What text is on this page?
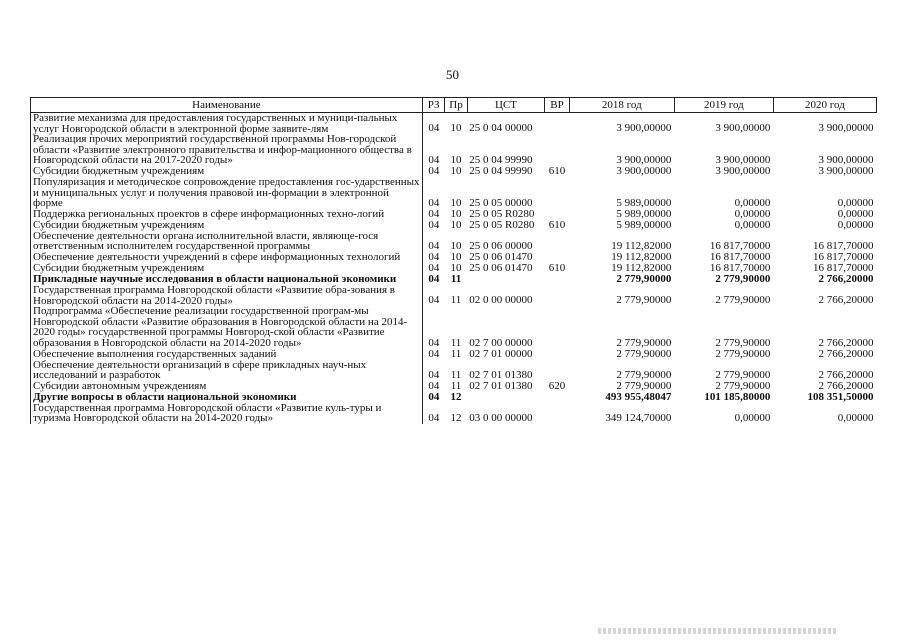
50
Наименование	РЗ	Пр	ЦСТ	ВР	2018 год	2019 год	2020 год
Развитие механизма для предоставления государственных и муници-пальных услуг Новгородской области в электронной форме заявите-лям	04	10	25 0 04 00000		3 900,00000	3 900,00000	3 900,00000
Реализация прочих мероприятий государственной программы Нов-городской области «Развитие электронного правительства и инфор-мационного общества в Новгородской области на 2017-2020 годы»	04	10	25 0 04 99990		3 900,00000	3 900,00000	3 900,00000
Субсидии бюджетным учреждениям	04	10	25 0 04 99990	610	3 900,00000	3 900,00000	3 900,00000
Популяризация и методическое сопровождение предоставления гос-ударственных и муниципальных услуг и получения правовой ин-формации в электронной форме	04	10	25 0 05 00000		5 989,00000	0,00000	0,00000
Поддержка региональных проектов в сфере информационных техно-логий	04	10	25 0 05 R0280		5 989,00000	0,00000	0,00000
Субсидии бюджетным учреждениям	04	10	25 0 05 R0280	610	5 989,00000	0,00000	0,00000
Обеспечение деятельности органа исполнительной власти, являюще-гося ответственным исполнителем государственной программы	04	10	25 0 06 00000		19 112,82000	16 817,70000	16 817,70000
Обеспечение деятельности учреждений в сфере информационных технологий	04	10	25 0 06 01470		19 112,82000	16 817,70000	16 817,70000
Субсидии бюджетным учреждениям	04	10	25 0 06 01470	610	19 112,82000	16 817,70000	16 817,70000
Прикладные научные исследования в области национальной экономики	04	11			2 779,90000	2 779,90000	2 766,20000
Государственная программа Новгородской области «Развитие обра-зования в Новгородской области на 2014-2020 годы»	04	11	02 0 00 00000		2 779,90000	2 779,90000	2 766,20000
Подпрограмма «Обеспечение реализации государственной програм-мы Новгородской области «Развитие образования в Новгородской области на 2014-2020 годы» государственной программы Новгород-ской области «Развитие образования в Новгородской области на 2014-2020 годы»	04	11	02 7 00 00000		2 779,90000	2 779,90000	2 766,20000
Обеспечение выполнения государственных заданий	04	11	02 7 01 00000		2 779,90000	2 779,90000	2 766,20000
Обеспечение деятельности организаций в сфере прикладных науч-ных исследований и разработок	04	11	02 7 01 01380		2 779,90000	2 779,90000	2 766,20000
Субсидии автономным учреждениям	04	11	02 7 01 01380	620	2 779,90000	2 779,90000	2 766,20000
Другие вопросы в области национальной экономики	04	12			493 955,48047	101 185,80000	108 351,50000
Государственная программа Новгородской области «Развитие куль-туры и туризма Новгородской области на 2014-2020 годы»	04	12	03 0 00 00000		349 124,70000	0,00000	0,00000
